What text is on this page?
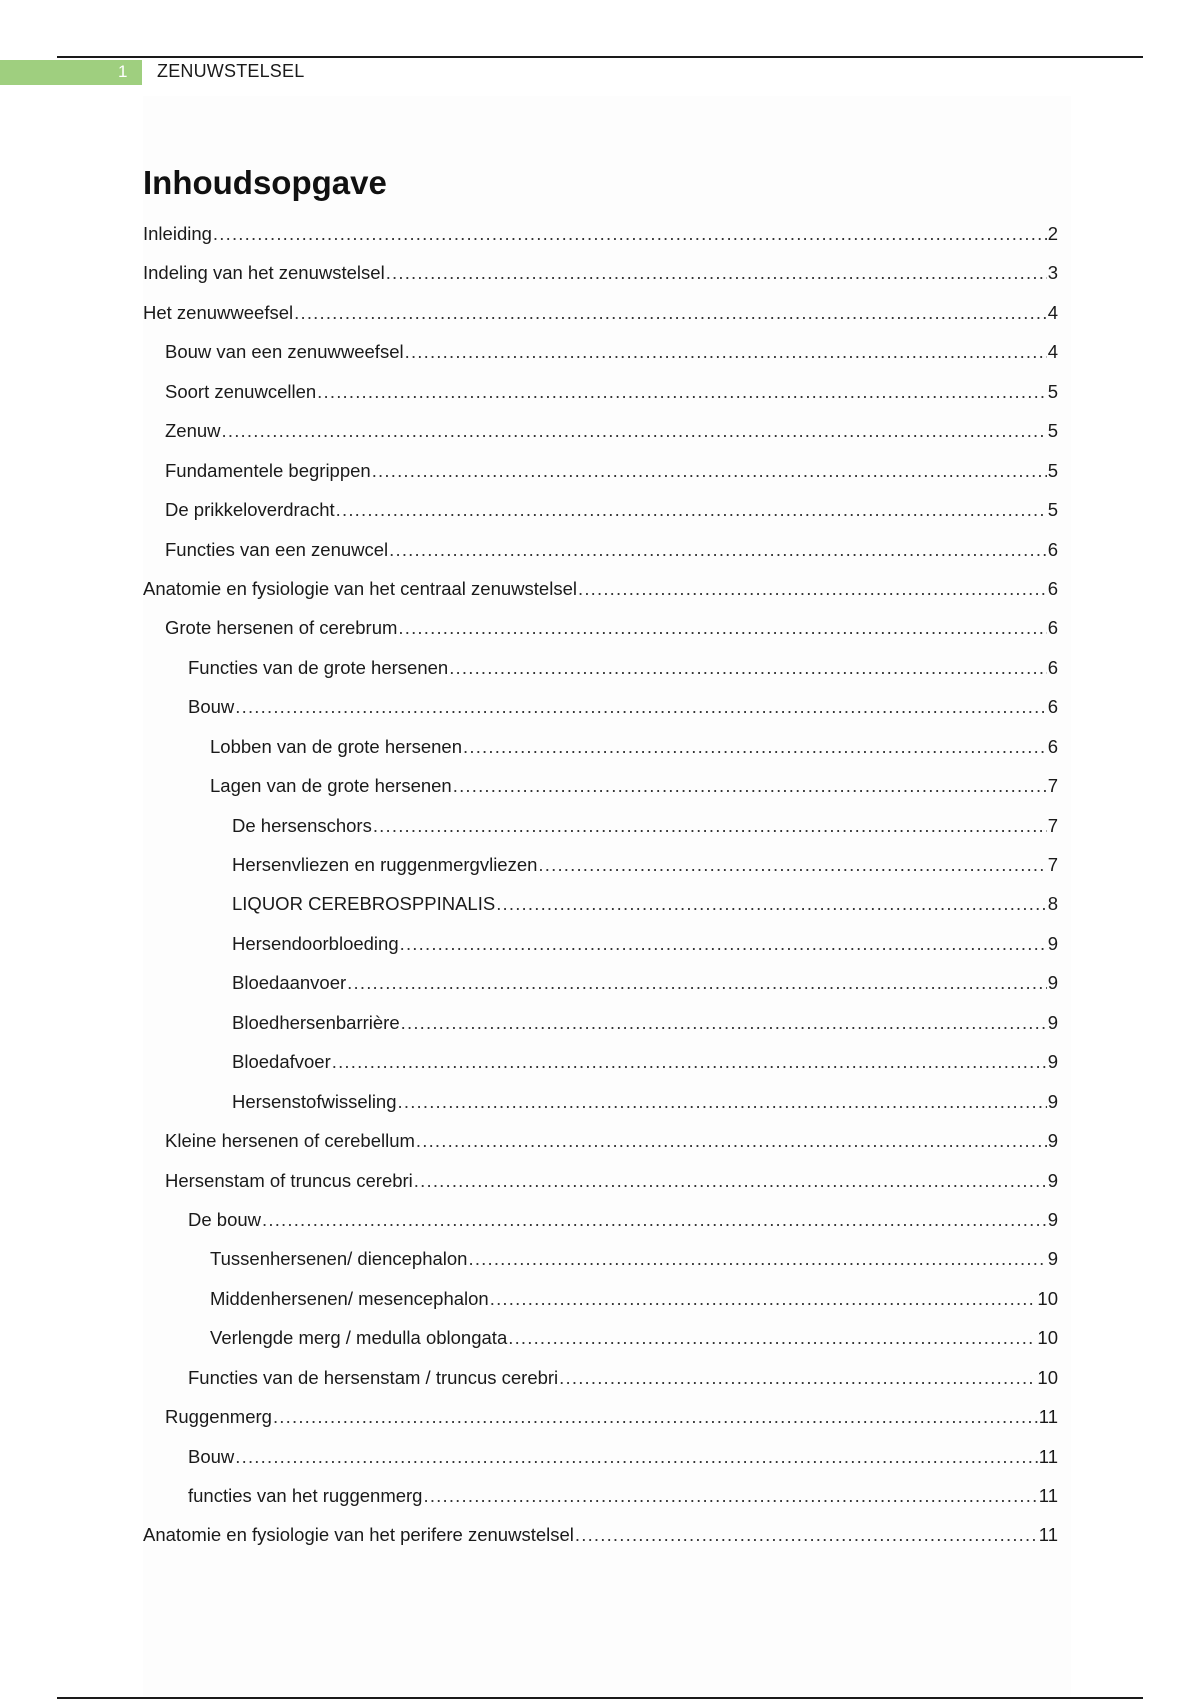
1 ZENUWSTELSEL
Inhoudsopgave
Inleiding .....	2
Indeling van het zenuwstelsel .....	3
Het zenuwweefsel .....	4
Bouw van een zenuwweefsel .....	4
Soort zenuwcellen .....	5
Zenuw .....	5
Fundamentele begrippen .....	5
De prikkeloverdracht .....	5
Functies van een zenuwcel .....	6
Anatomie en fysiologie van het centraal zenuwstelsel .....	6
Grote hersenen of cerebrum .....	6
Functies van de grote hersenen .....	6
Bouw .....	6
Lobben van de grote hersenen .....	6
Lagen van de grote hersenen .....	7
De hersenschors .....	7
Hersenvliezen en ruggenmergvliezen .....	7
LIQUOR CEREBROSPPINALIS .....	8
Hersendoorbloeding .....	9
Bloedaanvoer .....	9
Bloedhersenbarrière .....	9
Bloedafvoer .....	9
Hersenstofwisseling .....	9
Kleine hersenen of cerebellum .....	9
Hersenstam of truncus cerebri .....	9
De bouw .....	9
Tussenhersenen/ diencephalon .....	9
Middenhersenen/ mesencephalon .....	10
Verlengde merg / medulla oblongata .....	10
Functies van de hersenstam / truncus cerebri .....	10
Ruggenmerg .....	11
Bouw .....	11
functies van het ruggenmerg .....	11
Anatomie en fysiologie van het perifere zenuwstelsel .....	11
